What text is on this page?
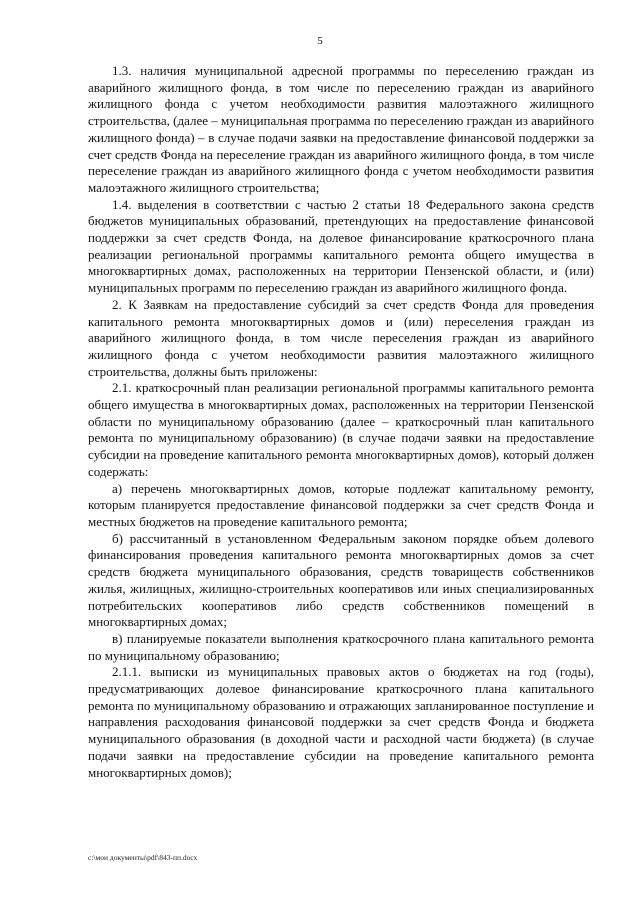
5

1.3. наличия муниципальной адресной программы по переселению граждан из аварийного жилищного фонда, в том числе по переселению граждан из аварийного жилищного фонда с учетом необходимости развития малоэтажного жилищного строительства, (далее – муниципальная программа по переселению граждан из аварийного жилищного фонда) – в случае подачи заявки на предоставление финансовой поддержки за счет средств Фонда на переселение граждан из аварийного жилищного фонда, в том числе переселение граждан из аварийного жилищного фонда с учетом необходимости развития малоэтажного жилищного строительства;

1.4. выделения в соответствии с частью 2 статьи 18 Федерального закона средств бюджетов муниципальных образований, претендующих на предоставление финансовой поддержки за счет средств Фонда, на долевое финансирование краткосрочного плана реализации региональной программы капитального ремонта общего имущества в многоквартирных домах, расположенных на территории Пензенской области, и (или) муниципальных программ по переселению граждан из аварийного жилищного фонда.

2. К Заявкам на предоставление субсидий за счет средств Фонда для проведения капитального ремонта многоквартирных домов и (или) переселения граждан из аварийного жилищного фонда, в том числе переселения граждан из аварийного жилищного фонда с учетом необходимости развития малоэтажного жилищного строительства, должны быть приложены:

2.1. краткосрочный план реализации региональной программы капитального ремонта общего имущества в многоквартирных домах, расположенных на территории Пензенской области по муниципальному образованию (далее – краткосрочный план капитального ремонта по муниципальному образованию) (в случае подачи заявки на предоставление субсидии на проведение капитального ремонта многоквартирных домов), который должен содержать:

а) перечень многоквартирных домов, которые подлежат капитальному ремонту, которым планируется предоставление финансовой поддержки за счет средств Фонда и местных бюджетов на проведение капитального ремонта;

б) рассчитанный в установленном Федеральным законом порядке объем долевого финансирования проведения капитального ремонта многоквартирных домов за счет средств бюджета муниципального образования, средств товариществ собственников жилья, жилищных, жилищно-строительных кооперативов или иных специализированных потребительских кооперативов либо средств собственников помещений в многоквартирных домах;

в) планируемые показатели выполнения краткосрочного плана капитального ремонта по муниципальному образованию;

2.1.1. выписки из муниципальных правовых актов о бюджетах на год (годы), предусматривающих долевое финансирование краткосрочного плана капитального ремонта по муниципальному образованию и отражающих запланированное поступление и направления расходования финансовой поддержки за счет средств Фонда и бюджета муниципального образования (в доходной части и расходной части бюджета) (в случае подачи заявки на предоставление субсидии на проведение капитального ремонта многоквартирных домов);

c:\мои документы\pdf\843-пп.docx
